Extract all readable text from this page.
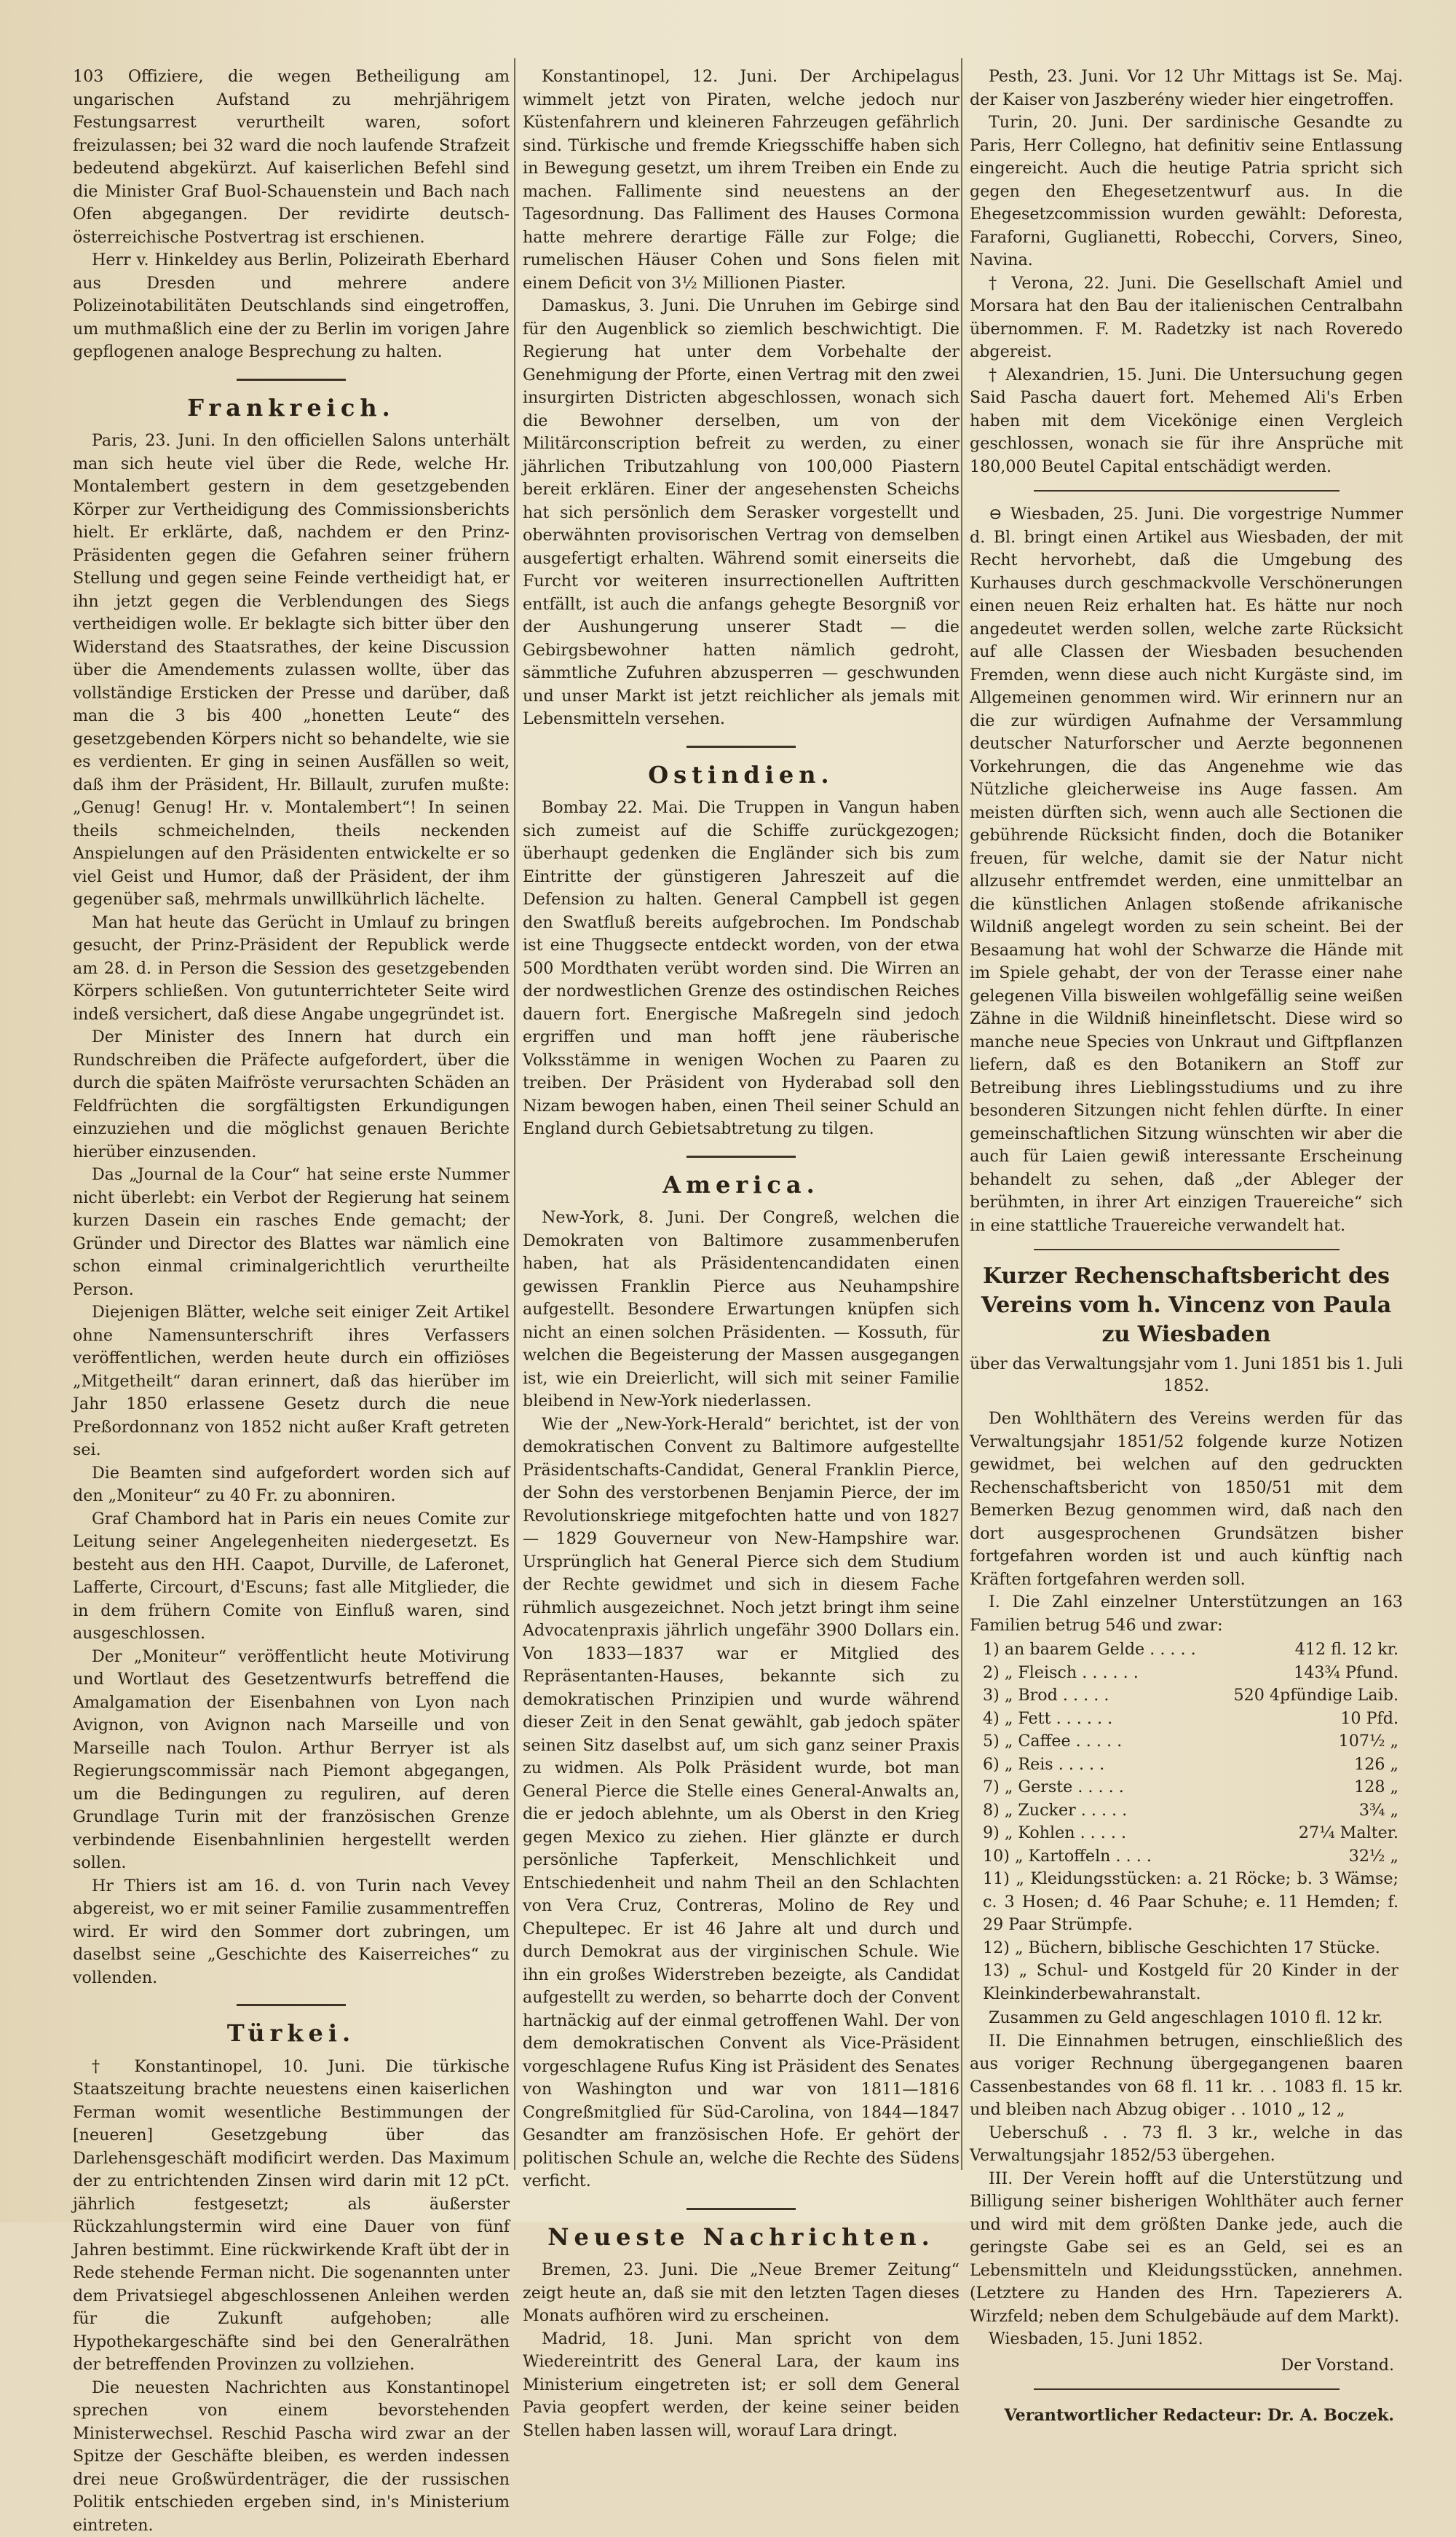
103 Offiziere, die wegen Betheiligung am ungarischen Aufstand zu mehrjährigem Festungsarrest verurtheilt waren, sofort freizulassen; bei 32 ward die noch laufende Strafzeit bedeutend abgekürzt. Auf kaiserlichen Befehl sind die Minister Graf Buol-Schauenstein und Bach nach Ofen abgegangen. Der revidirte deutsch-österreichische Postvertrag ist erschienen.

Herr v. Hinkeldey aus Berlin, Polizeirath Eberhard aus Dresden und mehrere andere Polizeinotabilitäten Deutschlands sind eingetroffen, um muthmaßlich eine der zu Berlin im vorigen Jahre gepflogenen analoge Besprechung zu halten.

Frankreich.

Paris, 23. Juni. In den officiellen Salons unterhält man sich heute viel über die Rede, welche Hr. Montalembert gestern in dem gesetzgebenden Körper zur Vertheidigung des Commissionsberichts hielt. Er erklärte, daß, nachdem er den Prinz-Präsidenten gegen die Gefahren seiner frühern Stellung und gegen seine Feinde vertheidigt hat, er ihn jetzt gegen die Verblendungen des Siegs vertheidigen wolle. Er beklagte sich bitter über den Widerstand des Staatsrathes, der keine Discussion über die Amendements zulassen wollte, über das vollständige Ersticken der Presse und darüber, daß man die 3 bis 400 „honetten Leute“ des gesetzgebenden Körpers nicht so behandelte, wie sie es verdienten. Er ging in seinen Ausfällen so weit, daß ihm der Präsident, Hr. Billault, zurufen mußte: „Genug! Genug! Hr. v. Montalembert“! In seinen theils schmeichelnden, theils neckenden Anspielungen auf den Präsidenten entwickelte er so viel Geist und Humor, daß der Präsident, der ihm gegenüber saß, mehrmals unwillkührlich lächelte.

Man hat heute das Gerücht in Umlauf zu bringen gesucht, der Prinz-Präsident der Republick werde am 28. d. in Person die Session des gesetzgebenden Körpers schließen. Von gutunterrichteter Seite wird indeß versichert, daß diese Angabe ungegründet ist.

Der Minister des Innern hat durch ein Rundschreiben die Präfecte aufgefordert, über die durch die späten Maifröste verursachten Schäden an Feldfrüchten die sorgfältigsten Erkundigungen einzuziehen und die möglichst genauen Berichte hierüber einzusenden.

Das „Journal de la Cour“ hat seine erste Nummer nicht überlebt: ein Verbot der Regierung hat seinem kurzen Dasein ein rasches Ende gemacht; der Gründer und Director des Blattes war nämlich eine schon einmal criminalgerichtlich verurtheilte Person.

Diejenigen Blätter, welche seit einiger Zeit Artikel ohne Namensunterschrift ihres Verfassers veröffentlichen, werden heute durch ein offiziöses „Mitgetheilt“ daran erinnert, daß das hierüber im Jahr 1850 erlassene Gesetz durch die neue Preßordonnanz von 1852 nicht außer Kraft getreten sei.

Die Beamten sind aufgefordert worden sich auf den „Moniteur“ zu 40 Fr. zu abonniren.

Graf Chambord hat in Paris ein neues Comite zur Leitung seiner Angelegenheiten niedergesetzt. Es besteht aus den HH. Caapot, Durville, de Laferonet, Lafferte, Circourt, d'Escuns; fast alle Mitglieder, die in dem frühern Comite von Einfluß waren, sind ausgeschlossen.

Der „Moniteur“ veröffentlicht heute Motivirung und Wortlaut des Gesetzentwurfs betreffend die Amalgamation der Eisenbahnen von Lyon nach Avignon, von Avignon nach Marseille und von Marseille nach Toulon. Arthur Berryer ist als Regierungscommissär nach Piemont abgegangen, um die Bedingungen zu reguliren, auf deren Grundlage Turin mit der französischen Grenze verbindende Eisenbahnlinien hergestellt werden sollen.

Hr Thiers ist am 16. d. von Turin nach Vevey abgereist, wo er mit seiner Familie zusammentreffen wird. Er wird den Sommer dort zubringen, um daselbst seine „Geschichte des Kaiserreiches“ zu vollenden.

Türkei.

† Konstantinopel, 10. Juni. Die türkische Staatszeitung brachte neuestens einen kaiserlichen Ferman womit wesentliche Bestimmungen der [neueren] Gesetzgebung über das Darlehensgeschäft modificirt werden. Das Maximum der zu entrichtenden Zinsen wird darin mit 12 pCt. jährlich festgesetzt; als äußerster Rückzahlungstermin wird eine Dauer von fünf Jahren bestimmt. Eine rückwirkende Kraft übt der in Rede stehende Ferman nicht. Die sogenannten unter dem Privatsiegel abgeschlossenen Anleihen werden für die Zukunft aufgehoben; alle Hypothekargeschäfte sind bei den Generalräthen der betreffenden Provinzen zu vollziehen.

Die neuesten Nachrichten aus Konstantinopel sprechen von einem bevorstehenden Ministerwechsel. Reschid Pascha wird zwar an der Spitze der Geschäfte bleiben, es werden indessen drei neue Großwürdenträger, die der russischen Politik entschieden ergeben sind, in's Ministerium eintreten.

Konstantinopel, 12. Juni. Der Archipelagus wimmelt jetzt von Piraten, welche jedoch nur Küstenfahrern und kleineren Fahrzeugen gefährlich sind. Türkische und fremde Kriegsschiffe haben sich in Bewegung gesetzt, um ihrem Treiben ein Ende zu machen. Fallimente sind neuestens an der Tagesordnung. Das Falliment des Hauses Cormona hatte mehrere derartige Fälle zur Folge; die rumelischen Häuser Cohen und Sons fielen mit einem Deficit von 3½ Millionen Piaster.

Damaskus, 3. Juni. Die Unruhen im Gebirge sind für den Augenblick so ziemlich beschwichtigt. Die Regierung hat unter dem Vorbehalte der Genehmigung der Pforte, einen Vertrag mit den zwei insurgirten Districten abgeschlossen, wonach sich die Bewohner derselben, um von der Militärconscription befreit zu werden, zu einer jährlichen Tributzahlung von 100,000 Piastern bereit erklären. Einer der angesehensten Scheichs hat sich persönlich dem Serasker vorgestellt und oberwähnten provisorischen Vertrag von demselben ausgefertigt erhalten. Während somit einerseits die Furcht vor weiteren insurrectionellen Auftritten entfällt, ist auch die anfangs gehegte Besorgniß vor der Aushungerung unserer Stadt — die Gebirgsbewohner hatten nämlich gedroht, sämmtliche Zufuhren abzusperren — geschwunden und unser Markt ist jetzt reichlicher als jemals mit Lebensmitteln versehen.

Ostindien.

Bombay 22. Mai. Die Truppen in Vangun haben sich zumeist auf die Schiffe zurückgezogen; überhaupt gedenken die Engländer sich bis zum Eintritte der günstigeren Jahreszeit auf die Defension zu halten. General Campbell ist gegen den Swatfluß bereits aufgebrochen. Im Pondschab ist eine Thuggsecte entdeckt worden, von der etwa 500 Mordthaten verübt worden sind. Die Wirren an der nordwestlichen Grenze des ostindischen Reiches dauern fort. Energische Maßregeln sind jedoch ergriffen und man hofft jene räuberische Volksstämme in wenigen Wochen zu Paaren zu treiben. Der Präsident von Hyderabad soll den Nizam bewogen haben, einen Theil seiner Schuld an England durch Gebietsabtretung zu tilgen.

America.

New-York, 8. Juni. Der Congreß, welchen die Demokraten von Baltimore zusammenberufen haben, hat als Präsidentencandidaten einen gewissen Franklin Pierce aus Neuhampshire aufgestellt. Besondere Erwartungen knüpfen sich nicht an einen solchen Präsidenten. — Kossuth, für welchen die Begeisterung der Massen ausgegangen ist, wie ein Dreierlicht, will sich mit seiner Familie bleibend in New-York niederlassen.

Wie der „New-York-Herald“ berichtet, ist der von demokratischen Convent zu Baltimore aufgestellte Präsidentschafts-Candidat, General Franklin Pierce, der Sohn des verstorbenen Benjamin Pierce, der im Revolutionskriege mitgefochten hatte und von 1827 — 1829 Gouverneur von New-Hampshire war. Ursprünglich hat General Pierce sich dem Studium der Rechte gewidmet und sich in diesem Fache rühmlich ausgezeichnet. Noch jetzt bringt ihm seine Advocatenpraxis jährlich ungefähr 3900 Dollars ein. Von 1833—1837 war er Mitglied des Repräsentanten-Hauses, bekannte sich zu demokratischen Prinzipien und wurde während dieser Zeit in den Senat gewählt, gab jedoch später seinen Sitz daselbst auf, um sich ganz seiner Praxis zu widmen. Als Polk Präsident wurde, bot man General Pierce die Stelle eines General-Anwalts an, die er jedoch ablehnte, um als Oberst in den Krieg gegen Mexico zu ziehen. Hier glänzte er durch persönliche Tapferkeit, Menschlichkeit und Entschiedenheit und nahm Theil an den Schlachten von Vera Cruz, Contreras, Molino de Rey und Chepultepec. Er ist 46 Jahre alt und durch und durch Demokrat aus der virginischen Schule. Wie ihn ein großes Widerstreben bezeigte, als Candidat aufgestellt zu werden, so beharrte doch der Convent hartnäckig auf der einmal getroffenen Wahl. Der von dem demokratischen Convent als Vice-Präsident vorgeschlagene Rufus King ist Präsident des Senates von Washington und war von 1811—1816 Congreßmitglied für Süd-Carolina, von 1844—1847 Gesandter am französischen Hofe. Er gehört der politischen Schule an, welche die Rechte des Südens verficht.

Neueste Nachrichten.

Bremen, 23. Juni. Die „Neue Bremer Zeitung“ zeigt heute an, daß sie mit den letzten Tagen dieses Monats aufhören wird zu erscheinen.

Madrid, 18. Juni. Man spricht von dem Wiedereintritt des General Lara, der kaum ins Ministerium eingetreten ist; er soll dem General Pavia geopfert werden, der keine seiner beiden Stellen haben lassen will, worauf Lara dringt.

Pesth, 23. Juni. Vor 12 Uhr Mittags ist Se. Maj. der Kaiser von Jaszberény wieder hier eingetroffen.

Turin, 20. Juni. Der sardinische Gesandte zu Paris, Herr Collegno, hat definitiv seine Entlassung eingereicht. Auch die heutige Patria spricht sich gegen den Ehegesetzentwurf aus. In die Ehegesetzcommission wurden gewählt: Deforesta, Faraforni, Guglianetti, Robecchi, Corvers, Sineo, Navina.

† Verona, 22. Juni. Die Gesellschaft Amiel und Morsara hat den Bau der italienischen Centralbahn übernommen. F. M. Radetzky ist nach Roveredo abgereist.

† Alexandrien, 15. Juni. Die Untersuchung gegen Said Pascha dauert fort. Mehemed Ali's Erben haben mit dem Vicekönige einen Vergleich geschlossen, wonach sie für ihre Ansprüche mit 180,000 Beutel Capital entschädigt werden.

⊖ Wiesbaden, 25. Juni. Die vorgestrige Nummer d. Bl. bringt einen Artikel aus Wiesbaden, der mit Recht hervorhebt, daß die Umgebung des Kurhauses durch geschmackvolle Verschönerungen einen neuen Reiz erhalten hat. Es hätte nur noch angedeutet werden sollen, welche zarte Rücksicht auf alle Classen der Wiesbaden besuchenden Fremden, wenn diese auch nicht Kurgäste sind, im Allgemeinen genommen wird. Wir erinnern nur an die zur würdigen Aufnahme der Versammlung deutscher Naturforscher und Aerzte begonnenen Vorkehrungen, die das Angenehme wie das Nützliche gleicherweise ins Auge fassen. Am meisten dürften sich, wenn auch alle Sectionen die gebührende Rücksicht finden, doch die Botaniker freuen, für welche, damit sie der Natur nicht allzusehr entfremdet werden, eine unmittelbar an die künstlichen Anlagen stoßende afrikanische Wildniß angelegt worden zu sein scheint. Bei der Besaamung hat wohl der Schwarze die Hände mit im Spiele gehabt, der von der Terasse einer nahe gelegenen Villa bisweilen wohlgefällig seine weißen Zähne in die Wildniß hineinfletscht. Diese wird so manche neue Species von Unkraut und Giftpflanzen liefern, daß es den Botanikern an Stoff zur Betreibung ihres Lieblingsstudiums und zu ihre besonderen Sitzungen nicht fehlen dürfte. In einer gemeinschaftlichen Sitzung wünschten wir aber die auch für Laien gewiß interessante Erscheinung behandelt zu sehen, daß „der Ableger der berühmten, in ihrer Art einzigen Trauereiche“ sich in eine stattliche Trauereiche verwandelt hat.

Kurzer Rechenschaftsbericht des Vereins vom h. Vincenz von Paula zu Wiesbaden
über das Verwaltungsjahr vom 1. Juni 1851 bis 1. Juli 1852.

Den Wohlthätern des Vereins werden für das Verwaltungsjahr 1851/52 folgende kurze Notizen gewidmet, bei welchen auf den gedruckten Rechenschaftsbericht von 1850/51 mit dem Bemerken Bezug genommen wird, daß nach den dort ausgesprochenen Grundsätzen bisher fortgefahren worden ist und auch künftig nach Kräften fortgefahren werden soll.

I. Die Zahl einzelner Unterstützungen an 163 Familien betrug 546 und zwar:

1) an baarem Gelde . . . . .	412 fl. 12 kr.
2) „ Fleisch . . . . . .	143¾ Pfund.
3) „ Brod . . . . .	520 4pfündige Laib.
4) „ Fett . . . . . .	10 Pfd.
5) „ Caffee . . . . .	107½ „
6) „ Reis . . . . .	126 „
7) „ Gerste . . . . .	128 „
8) „ Zucker . . . . .	3¾ „
9) „ Kohlen . . . . .	27¼ Malter.
10) „ Kartoffeln . . . .	32½ „
11) „ Kleidungsstücken: a. 21 Röcke; b. 3 Wämse; c. 3 Hosen; d. 46 Paar Schuhe; e. 11 Hemden; f. 29 Paar Strümpfe.
12) „ Büchern, biblische Geschichten 17 Stücke.
13) „ Schul- und Kostgeld für 20 Kinder in der Kleinkinderbewahranstalt.

Zusammen zu Geld angeschlagen 1010 fl. 12 kr.

II. Die Einnahmen betrugen, einschließlich des aus voriger Rechnung übergegangenen baaren Cassenbestandes von 68 fl. 11 kr. . . 1083 fl. 15 kr. und bleiben nach Abzug obiger . . 1010 „ 12 „

Ueberschuß . . 73 fl. 3 kr., welche in das Verwaltungsjahr 1852/53 übergehen.

III. Der Verein hofft auf die Unterstützung und Billigung seiner bisherigen Wohlthäter auch ferner und wird mit dem größten Danke jede, auch die geringste Gabe sei es an Geld, sei es an Lebensmitteln und Kleidungsstücken, annehmen. (Letztere zu Handen des Hrn. Tapezierers A. Wirzfeld; neben dem Schulgebäude auf dem Markt).

Wiesbaden, 15. Juni 1852.

Der Vorstand.
Verantwortlicher Redacteur: Dr. A. Boczek.
